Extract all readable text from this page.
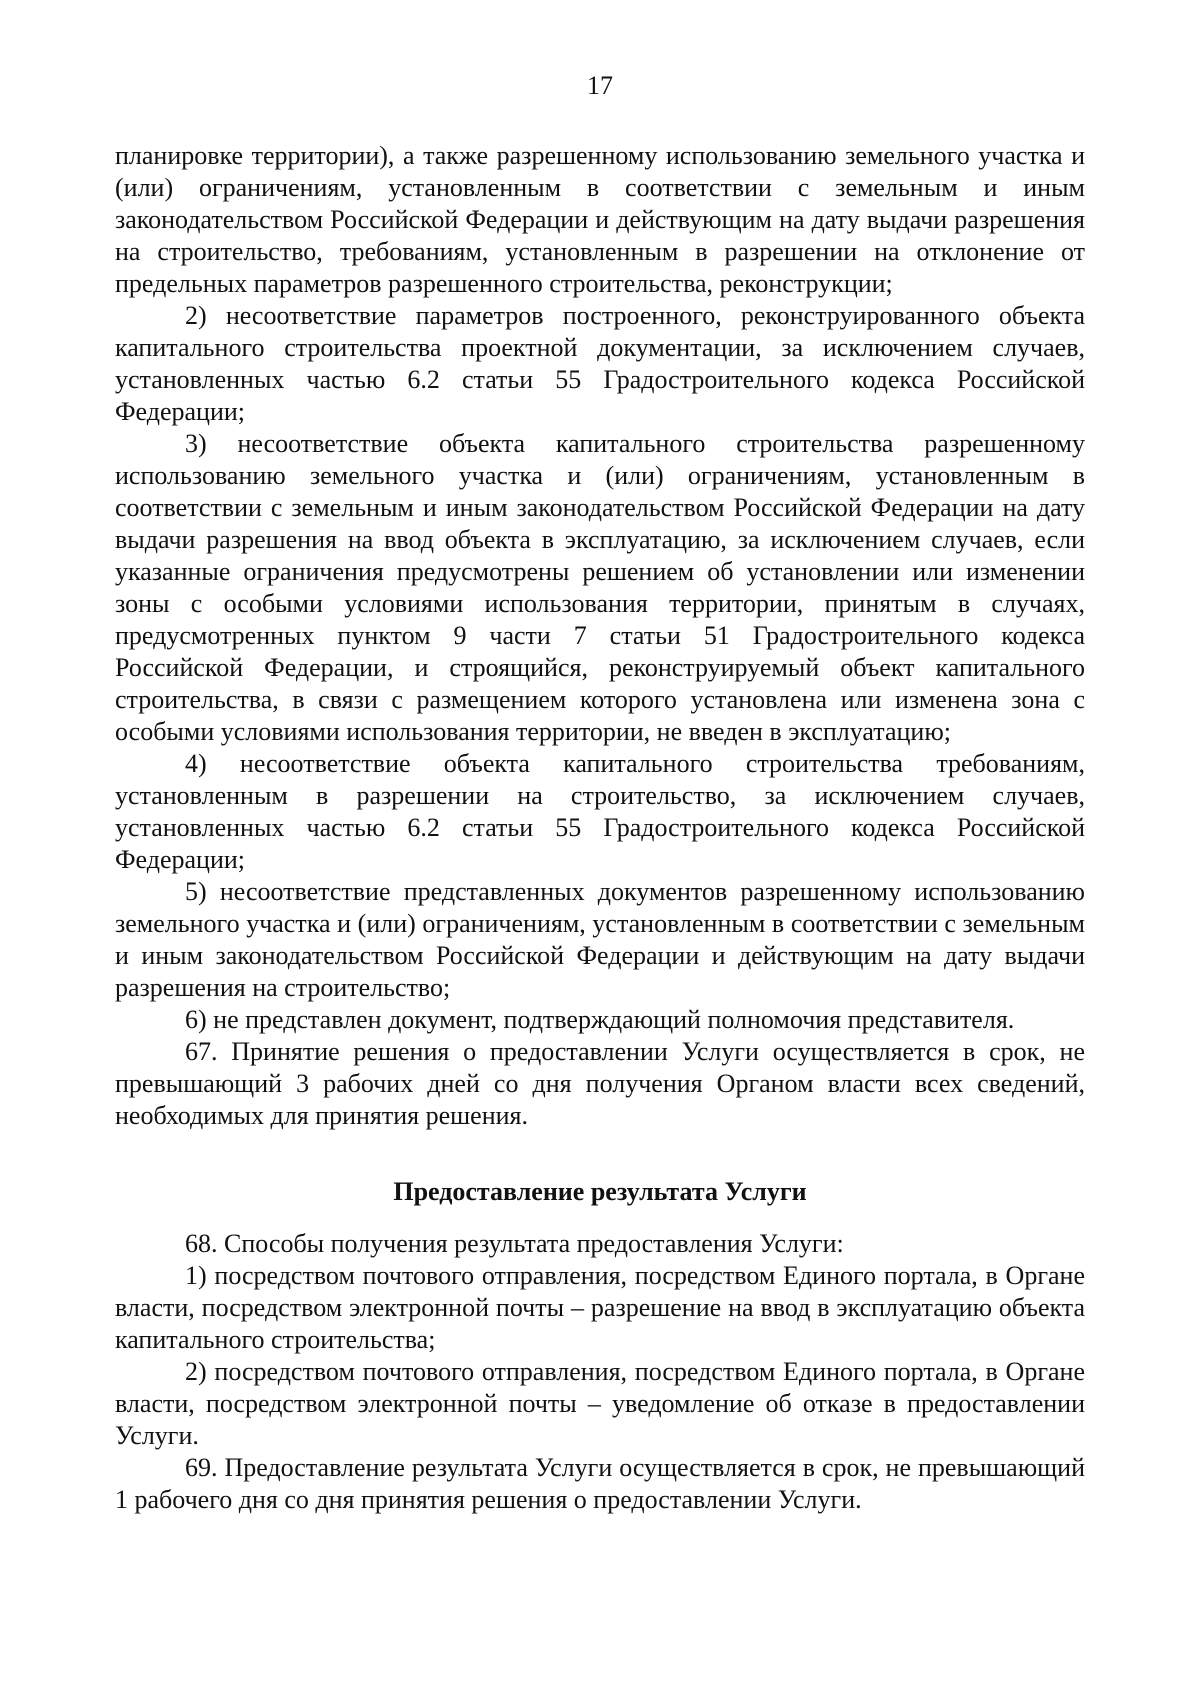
17

планировке территории), а также разрешенному использованию земельного участка и (или) ограничениям, установленным в соответствии с земельным и иным законодательством Российской Федерации и действующим на дату выдачи разрешения на строительство, требованиям, установленным в разрешении на отклонение от предельных параметров разрешенного строительства, реконструкции;

2) несоответствие параметров построенного, реконструированного объекта капитального строительства проектной документации, за исключением случаев, установленных частью 6.2 статьи 55 Градостроительного кодекса Российской Федерации;

3) несоответствие объекта капитального строительства разрешенному использованию земельного участка и (или) ограничениям, установленным в соответствии с земельным и иным законодательством Российской Федерации на дату выдачи разрешения на ввод объекта в эксплуатацию, за исключением случаев, если указанные ограничения предусмотрены решением об установлении или изменении зоны с особыми условиями использования территории, принятым в случаях, предусмотренных пунктом 9 части 7 статьи 51 Градостроительного кодекса Российской Федерации, и строящийся, реконструируемый объект капитального строительства, в связи с размещением которого установлена или изменена зона с особыми условиями использования территории, не введен в эксплуатацию;

4) несоответствие объекта капитального строительства требованиям, установленным в разрешении на строительство, за исключением случаев, установленных частью 6.2 статьи 55 Градостроительного кодекса Российской Федерации;

5) несоответствие представленных документов разрешенному использованию земельного участка и (или) ограничениям, установленным в соответствии с земельным и иным законодательством Российской Федерации и действующим на дату выдачи разрешения на строительство;

6) не представлен документ, подтверждающий полномочия представителя.

67. Принятие решения о предоставлении Услуги осуществляется в срок, не превышающий 3 рабочих дней со дня получения Органом власти всех сведений, необходимых для принятия решения.

Предоставление результата Услуги

68. Способы получения результата предоставления Услуги:

1) посредством почтового отправления, посредством Единого портала, в Органе власти, посредством электронной почты – разрешение на ввод в эксплуатацию объекта капитального строительства;

2) посредством почтового отправления, посредством Единого портала, в Органе власти, посредством электронной почты – уведомление об отказе в предоставлении Услуги.

69. Предоставление результата Услуги осуществляется в срок, не превышающий 1 рабочего дня со дня принятия решения о предоставлении Услуги.
